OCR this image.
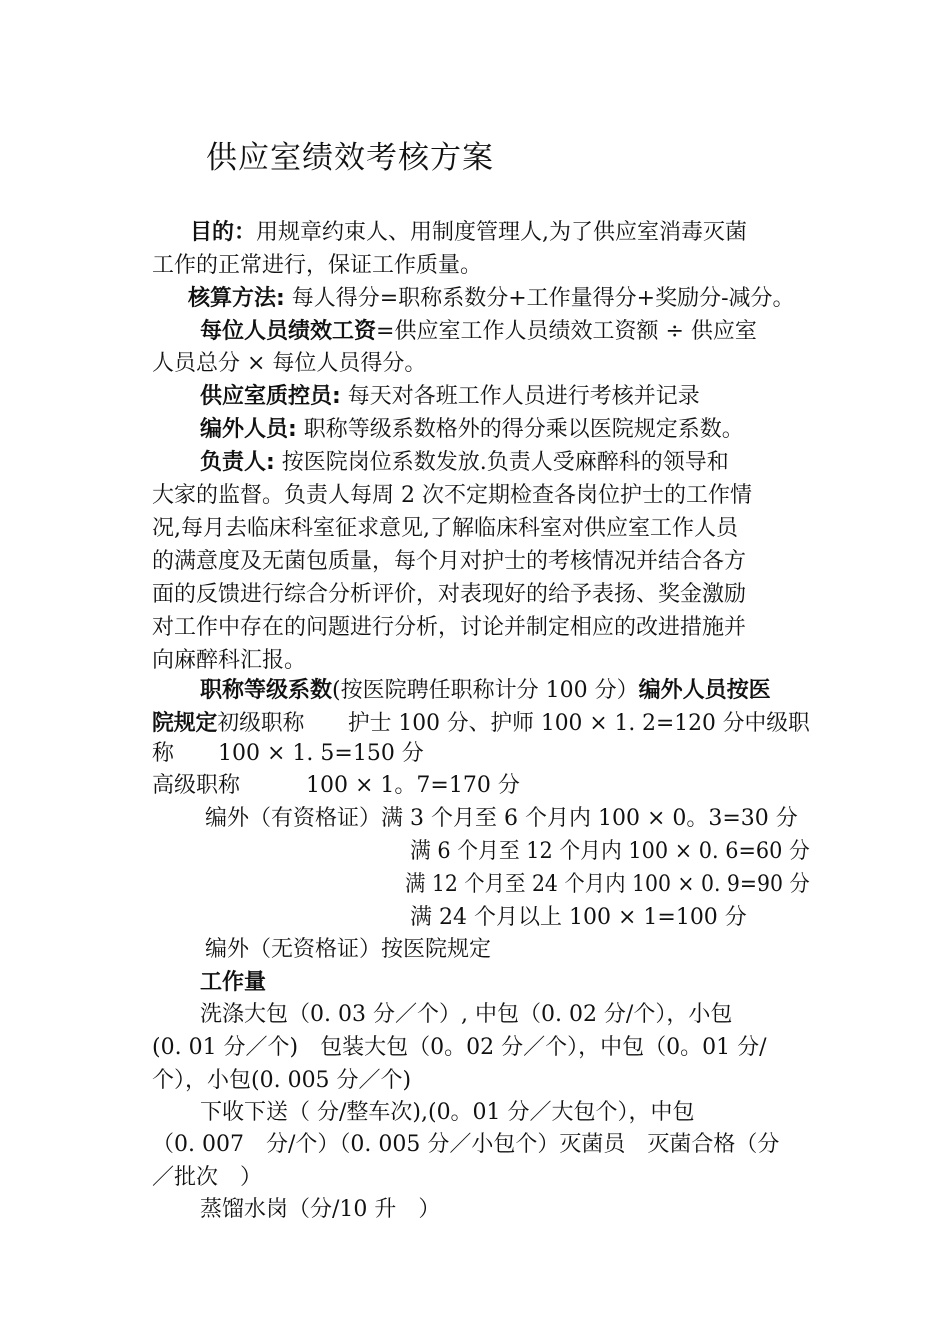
供应室绩效考核方案
目的：用规章约束人、用制度管理人,为了供应室消毒灭菌
工作的正常进行，保证工作质量。
核算方法: 每人得分=职称系数分+工作量得分+奖励分-减分。
每位人员绩效工资=供应室工作人员绩效工资额 ÷ 供应室
人员总分 × 每位人员得分。
供应室质控员: 每天对各班工作人员进行考核并记录
编外人员: 职称等级系数格外的得分乘以医院规定系数。
负责人: 按医院岗位系数发放.负责人受麻醉科的领导和
大家的监督。负责人每周 2 次不定期检查各岗位护士的工作情
况,每月去临床科室征求意见,了解临床科室对供应室工作人员
的满意度及无菌包质量，每个月对护士的考核情况并结合各方
面的反馈进行综合分析评价，对表现好的给予表扬、奖金激励
对工作中存在的问题进行分析，讨论并制定相应的改进措施并
向麻醉科汇报。
职称等级系数(按医院聘任职称计分 100 分）编外人员按医
院规定初级职称　　护士 100 分、护师 100 × 1. 2=120 分中级职
称　　100 × 1. 5=150 分
高级职称　　　100 × 1。7=170 分
编外（有资格证）满 3 个月至 6 个月内 100 × 0。3=30 分
满 6 个月至 12 个月内 100 × 0. 6=60 分
满 12 个月至 24 个月内 100 × 0. 9=90 分
满 24 个月以上 100 × 1=100 分
编外（无资格证）按医院规定
工作量
洗涤大包（0. 03 分／个）, 中包（0. 02 分/个），小包
(0. 01 分／个)　包装大包（0。02 分／个），中包（0。01 分/
个），小包(0. 005 分／个)
下收下送（ 分/整车次),(0。01 分／大包个），中包
（0. 007　分/个）（0. 005 分／小包个）灭菌员　灭菌合格（分
／批次　）
蒸馏水岗（分/10 升　）
